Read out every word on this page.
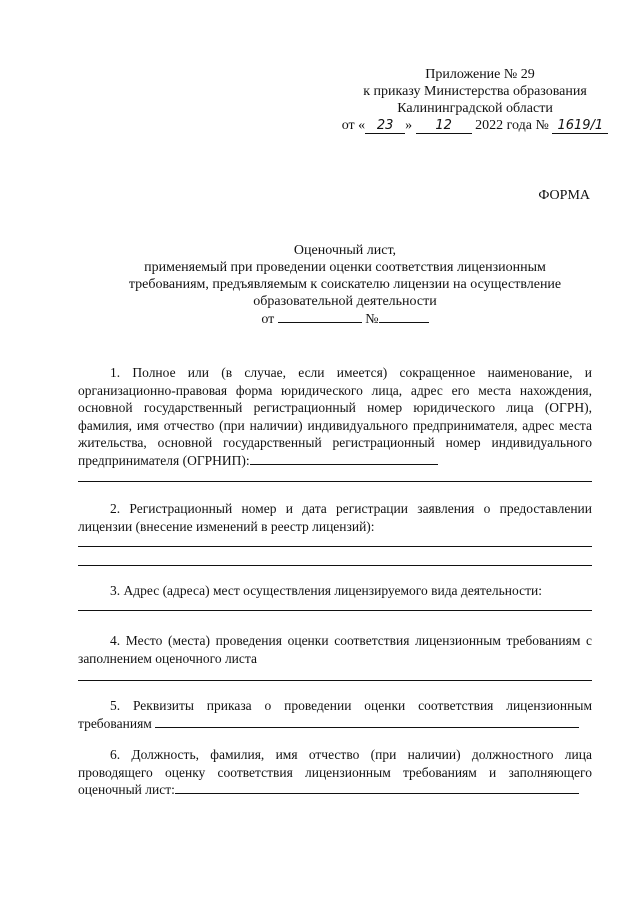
Приложение № 29
к приказу Министерства образования
Калининградской области
от « 23 » 12 2022 года № 1619/1
ФОРМА
Оценочный лист,
применяемый при проведении оценки соответствия лицензионным
требованиям, предъявляемым к соискателю лицензии на осуществление
образовательной деятельности
от	№

1. Полное или (в случае, если имеется) сокращенное наименование, и организационно-правовая форма юридического лица, адрес его места нахождения, основной государственный регистрационный номер юридического лица (ОГРН), фамилия, имя отчество (при наличии) индивидуального предпринимателя, адрес места жительства, основной государственный регистрационный номер индивидуального предпринимателя (ОГРНИП):

2. Регистрационный номер и дата регистрации заявления о предоставлении лицензии (внесение изменений в реестр лицензий):

3. Адрес (адреса) мест осуществления лицензируемого вида деятельности:

4. Место (места) проведения оценки соответствия лицензионным требованиям с заполнением оценочного листа

5. Реквизиты приказа о проведении оценки соответствия лицензионным требованиям

6. Должность, фамилия, имя отчество (при наличии) должностного лица проводящего оценку соответствия лицензионным требованиям и заполняющего оценочный лист:
